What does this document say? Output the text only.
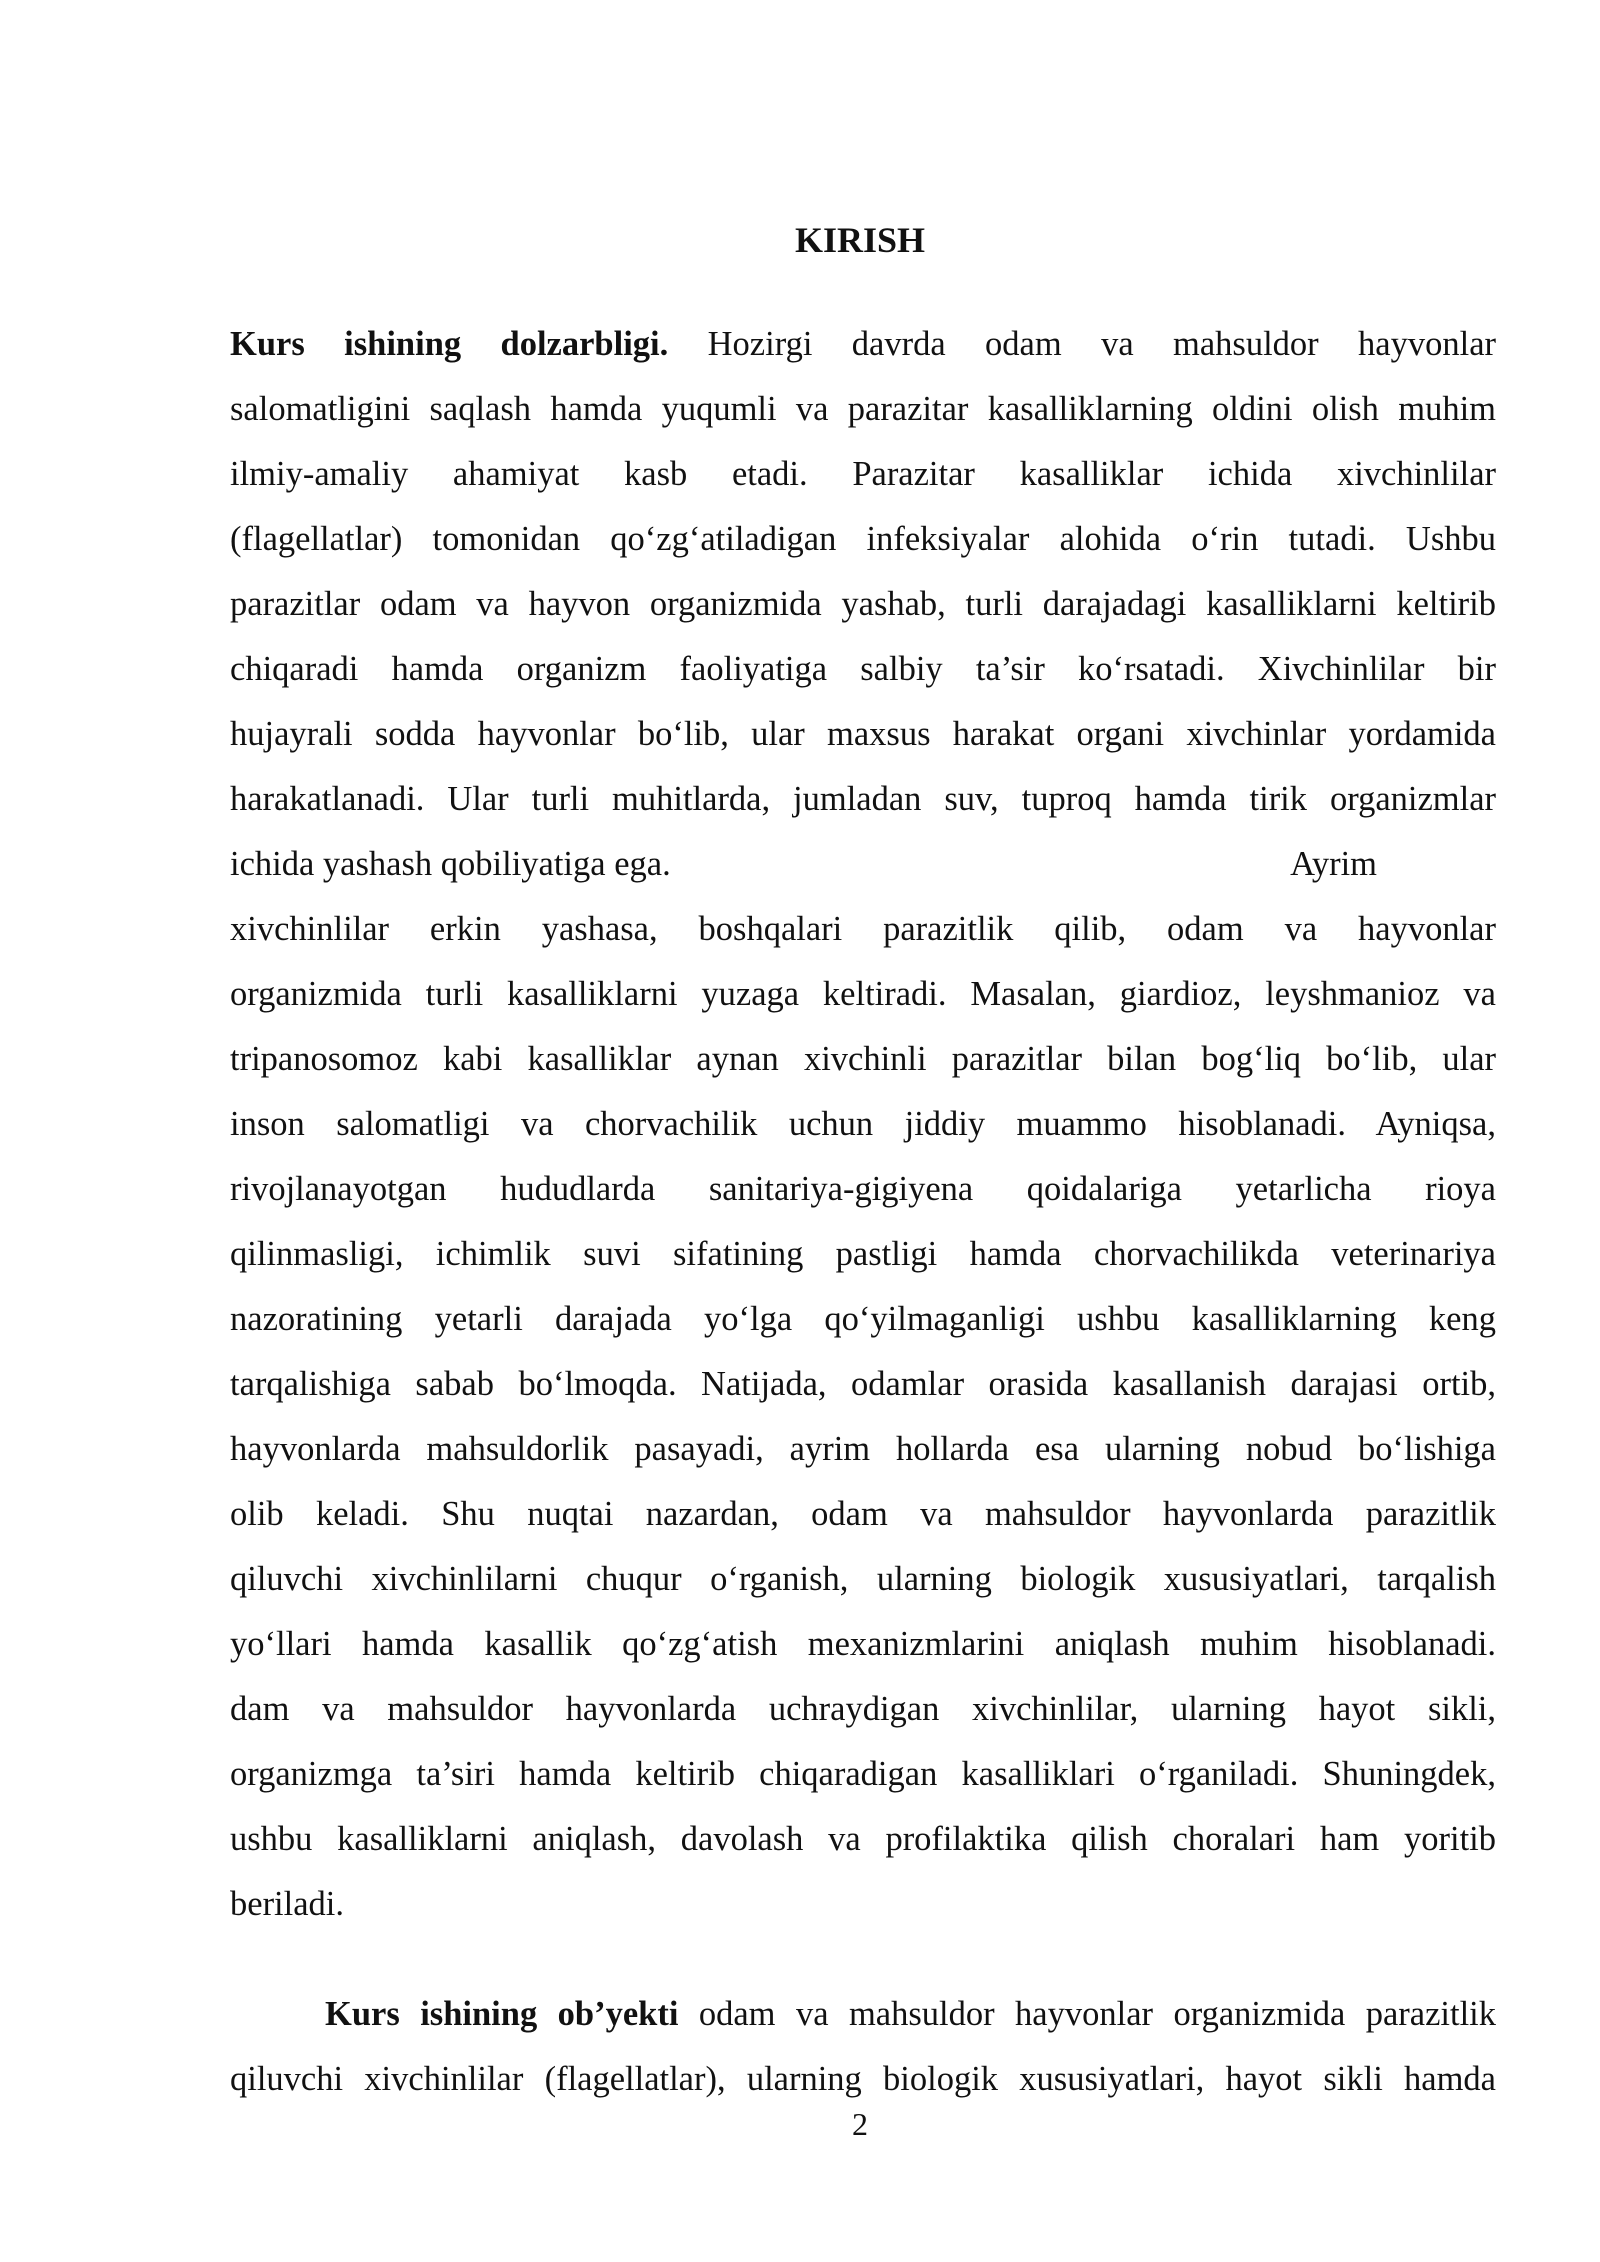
KIRISH
Kurs ishining dolzarbligi. Hozirgi davrda odam va mahsuldor hayvonlar
salomatligini saqlash hamda yuqumli va parazitar kasalliklarning oldini olish muhim
ilmiy-amaliy ahamiyat kasb etadi. Parazitar kasalliklar ichida xivchinlilar
(flagellatlar) tomonidan qo‘zg‘atiladigan infeksiyalar alohida o‘rin tutadi. Ushbu
parazitlar odam va hayvon organizmida yashab, turli darajadagi kasalliklarni keltirib
chiqaradi hamda organizm faoliyatiga salbiy ta’sir ko‘rsatadi. Xivchinlilar bir
hujayrali sodda hayvonlar bo‘lib, ular maxsus harakat organi xivchinlar yordamida
harakatlanadi. Ular turli muhitlarda, jumladan suv, tuproq hamda tirik organizmlar
ichida yashash qobiliyatiga ega.	Ayrim
xivchinlilar erkin yashasa, boshqalari parazitlik qilib, odam va hayvonlar
organizmida turli kasalliklarni yuzaga keltiradi. Masalan, giardioz, leyshmanioz va
tripanosomoz kabi kasalliklar aynan xivchinli parazitlar bilan bog‘liq bo‘lib, ular
inson salomatligi va chorvachilik uchun jiddiy muammo hisoblanadi. Ayniqsa,
rivojlanayotgan hududlarda sanitariya-gigiyena qoidalariga yetarlicha rioya
qilinmasligi, ichimlik suvi sifatining pastligi hamda chorvachilikda veterinariya
nazoratining yetarli darajada yo‘lga qo‘yilmaganligi ushbu kasalliklarning keng
tarqalishiga sabab bo‘lmoqda. Natijada, odamlar orasida kasallanish darajasi ortib,
hayvonlarda mahsuldorlik pasayadi, ayrim hollarda esa ularning nobud bo‘lishiga
olib keladi. Shu nuqtai nazardan, odam va mahsuldor hayvonlarda parazitlik
qiluvchi xivchinlilarni chuqur o‘rganish, ularning biologik xususiyatlari, tarqalish
yo‘llari hamda kasallik qo‘zg‘atish mexanizmlarini aniqlash muhim hisoblanadi.
dam va mahsuldor hayvonlarda uchraydigan xivchinlilar, ularning hayot sikli,
organizmga ta’siri hamda keltirib chiqaradigan kasalliklari o‘rganiladi. Shuningdek,
ushbu kasalliklarni aniqlash, davolash va profilaktika qilish choralari ham yoritib
beriladi.
Kurs ishining ob’yekti odam va mahsuldor hayvonlar organizmida parazitlik
qiluvchi xivchinlilar (flagellatlar), ularning biologik xususiyatlari, hayot sikli hamda
2
